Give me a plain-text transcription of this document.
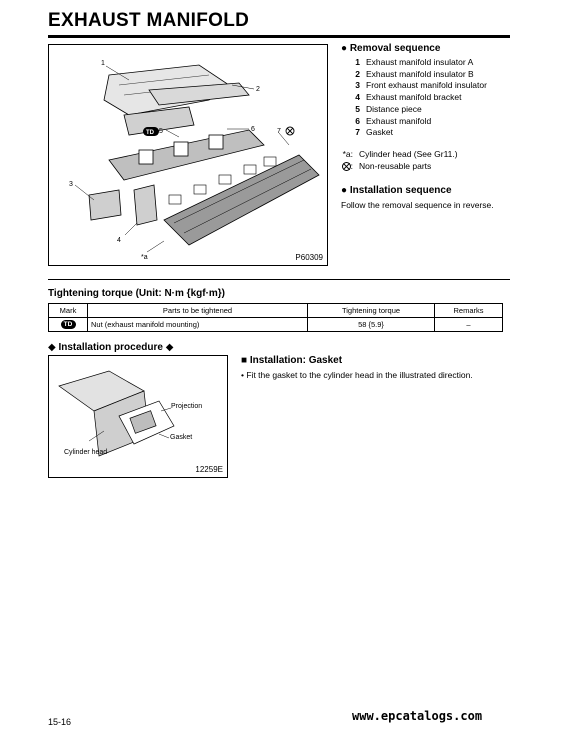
EXHAUST MANIFOLD
1
2
3
4
5	6	7
*a
TD
P60309
● Removal sequence
1 Exhaust manifold insulator A
2 Exhaust manifold insulator B
3 Front exhaust manifold insulator
4 Exhaust manifold bracket
5 Distance piece
6 Exhaust manifold
7 Gasket
*a: Cylinder head (See Gr11.)
: Non-reusable parts
● Installation sequence
Follow the removal sequence in reverse.
Tightening torque (Unit: N·m {kgf·m})
Mark	Parts to be tightened	Tightening torque	Remarks
TD	Nut (exhaust manifold mounting)	58 {5.9}	–
◆ Installation procedure ◆
Projection
Gasket
Cylinder head
12259E
■ Installation: Gasket
• Fit the gasket to the cylinder head in the illustrated direction.
15-16	www.epcatalogs.com
